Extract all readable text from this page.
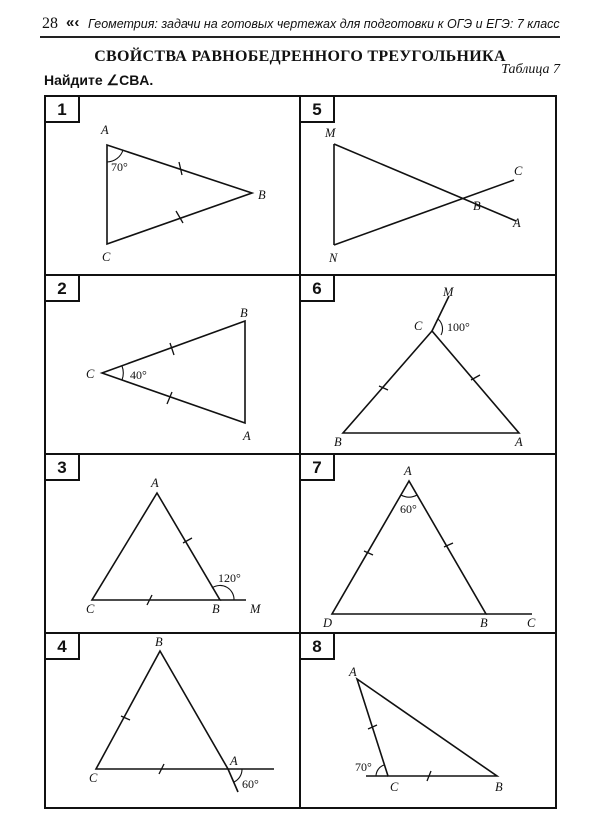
28 «‹ Геометрия: задачи на готовых чертежах для подготовки к ОГЭ и ЕГЭ: 7 класс
СВОЙСТВА РАВНОБЕДРЕННОГО ТРЕУГОЛЬНИКА
Найдите ∠CBA.
Таблица 7
1
A
B
C
70°
5
M
C
B
A
N
2
B
C
A
40°
6	M
C
B	A
100°
3
A
C	B M
120°
7	A
D	B	C
60°
4	B
C
A
60°
8
A
C	B
70°
